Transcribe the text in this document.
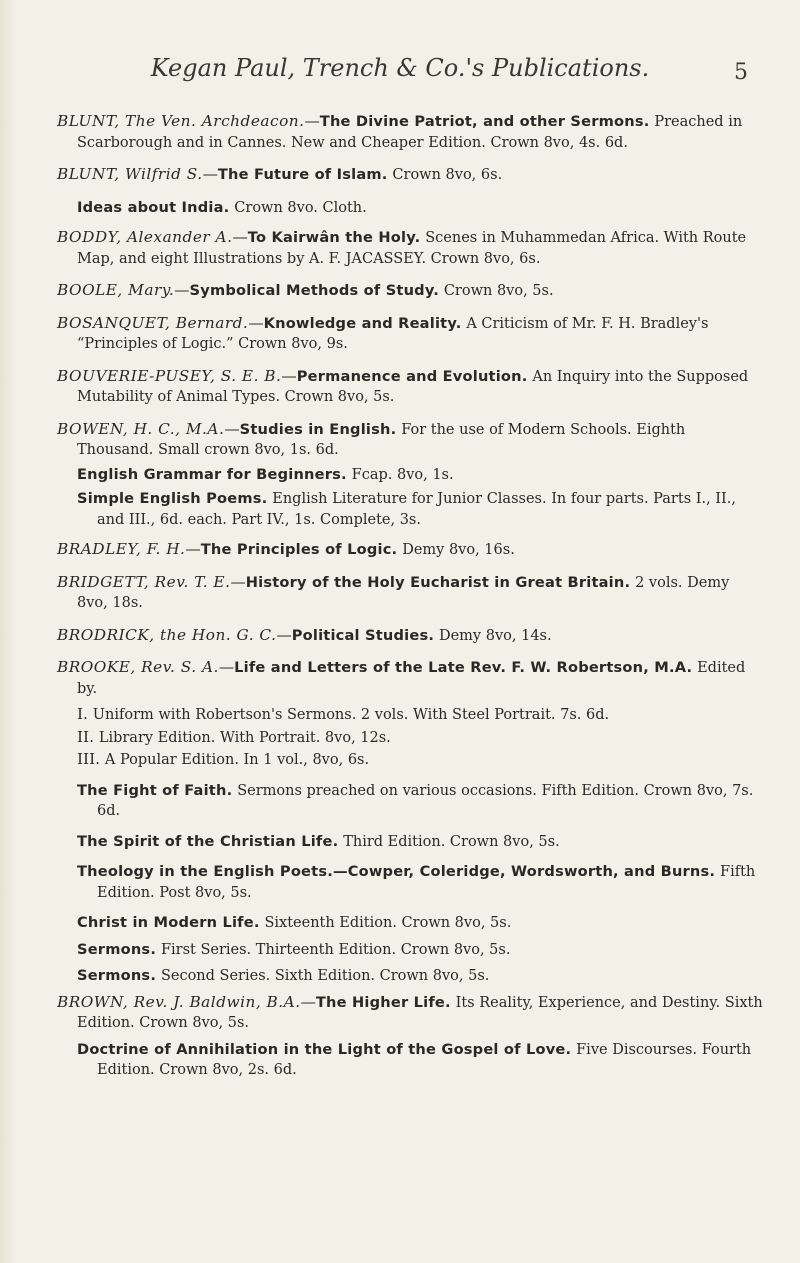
Kegan Paul, Trench & Co.'s Publications.	5

BLUNT, The Ven. Archdeacon.—The Divine Patriot, and other Sermons. Preached in Scarborough and in Cannes. New and Cheaper Edition. Crown 8vo, 4s. 6d.

BLUNT, Wilfrid S.—The Future of Islam. Crown 8vo, 6s.

Ideas about India. Crown 8vo. Cloth.

BODDY, Alexander A.—To Kairwân the Holy. Scenes in Muhammedan Africa. With Route Map, and eight Illustrations by A. F. JACASSEY. Crown 8vo, 6s.

BOOLE, Mary.—Symbolical Methods of Study. Crown 8vo, 5s.

BOSANQUET, Bernard.—Knowledge and Reality. A Criticism of Mr. F. H. Bradley's “Principles of Logic.” Crown 8vo, 9s.

BOUVERIE-PUSEY, S. E. B.—Permanence and Evolution. An Inquiry into the Supposed Mutability of Animal Types. Crown 8vo, 5s.

BOWEN, H. C., M.A.—Studies in English. For the use of Modern Schools. Eighth Thousand. Small crown 8vo, 1s. 6d.

English Grammar for Beginners. Fcap. 8vo, 1s.

Simple English Poems. English Literature for Junior Classes. In four parts. Parts I., II., and III., 6d. each. Part IV., 1s. Complete, 3s.

BRADLEY, F. H.—The Principles of Logic. Demy 8vo, 16s.

BRIDGETT, Rev. T. E.—History of the Holy Eucharist in Great Britain. 2 vols. Demy 8vo, 18s.

BRODRICK, the Hon. G. C.—Political Studies. Demy 8vo, 14s.

BROOKE, Rev. S. A.—Life and Letters of the Late Rev. F. W. Robertson, M.A. Edited by.

I. Uniform with Robertson's Sermons. 2 vols. With Steel Portrait. 7s. 6d.

II. Library Edition. With Portrait. 8vo, 12s.

III. A Popular Edition. In 1 vol., 8vo, 6s.

The Fight of Faith. Sermons preached on various occasions. Fifth Edition. Crown 8vo, 7s. 6d.

The Spirit of the Christian Life. Third Edition. Crown 8vo, 5s.

Theology in the English Poets.—Cowper, Coleridge, Wordsworth, and Burns. Fifth Edition. Post 8vo, 5s.

Christ in Modern Life. Sixteenth Edition. Crown 8vo, 5s.

Sermons. First Series. Thirteenth Edition. Crown 8vo, 5s.

Sermons. Second Series. Sixth Edition. Crown 8vo, 5s.

BROWN, Rev. J. Baldwin, B.A.—The Higher Life. Its Reality, Experience, and Destiny. Sixth Edition. Crown 8vo, 5s.

Doctrine of Annihilation in the Light of the Gospel of Love. Five Discourses. Fourth Edition. Crown 8vo, 2s. 6d.
